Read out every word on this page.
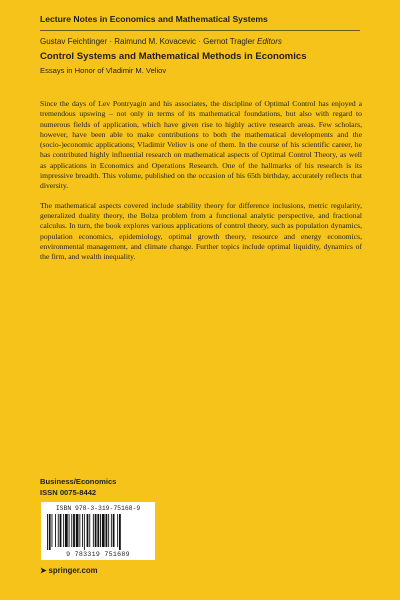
Lecture Notes in Economics and Mathematical Systems
Gustav Feichtinger · Raimund M. Kovacevic · Gernot Tragler Editors
Control Systems and Mathematical Methods in Economics
Essays in Honor of Vladimir M. Veliov

Since the days of Lev Pontryagin and his associates, the discipline of Optimal Control has enjoyed a tremendous upswing – not only in terms of its mathematical foundations, but also with regard to numerous fields of application, which have given rise to highly active research areas. Few scholars, however, have been able to make contributions to both the mathematical developments and the (socio-)economic applications; Vladimir Veliov is one of them. In the course of his scientific career, he has contributed highly influential research on mathematical aspects of Optimal Control Theory, as well as applications in Economics and Operations Research. One of the hallmarks of his research is its impressive breadth. This volume, published on the occasion of his 65th birthday, accurately reflects that diversity.

The mathematical aspects covered include stability theory for difference inclusions, metric regularity, generalized duality theory, the Bolza problem from a functional analytic perspective, and fractional calculus. In turn, the book explores various applications of control theory, such as population dynamics, population economics, epidemiology, optimal growth theory, resource and energy economics, environmental management, and climate change. Further topics include optimal liquidity, dynamics of the firm, and wealth inequality.

Business/Economics
ISSN 0075-8442
ISBN 978-3-319-75168-9
9 783319 751689
➤ springer.com
